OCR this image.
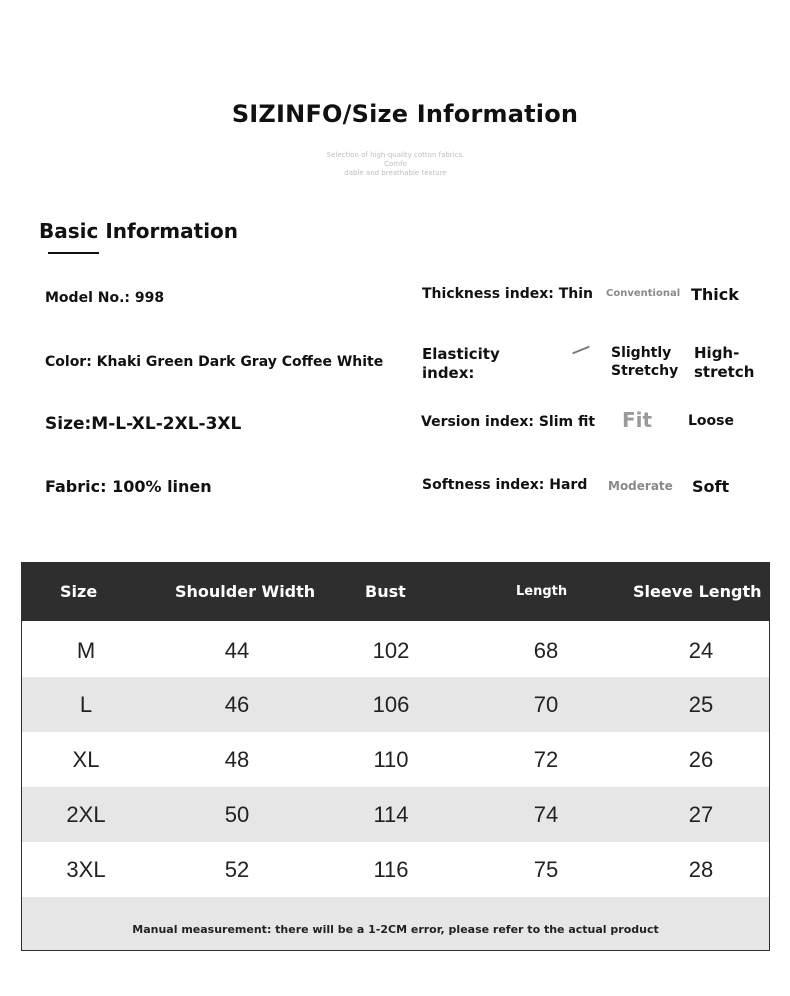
SIZINFO/Size Information
Selection of high-quality cotton fabrics. Comfo
dable and breathable texture
Basic Information
Model No.: 998
Color: Khaki Green Dark Gray Coffee White
Size:M-L-XL-2XL-3XL
Fabric: 100% linen
Thickness index: Thin Conventional Thick
Elasticity
index:
Slightly
Stretchy
High-
stretch
Version index: Slim fit Fit	Loose
Softness index: Hard Moderate Soft
Size	Shoulder Width	Bust	Length	Sleeve Length
M	44	102	68	24
L	46	106	70	25
XL	48	110	72	26
2XL	50	114	74	27
3XL	52	116	75	28
Manual measurement: there will be a 1-2CM error, please refer to the actual product
